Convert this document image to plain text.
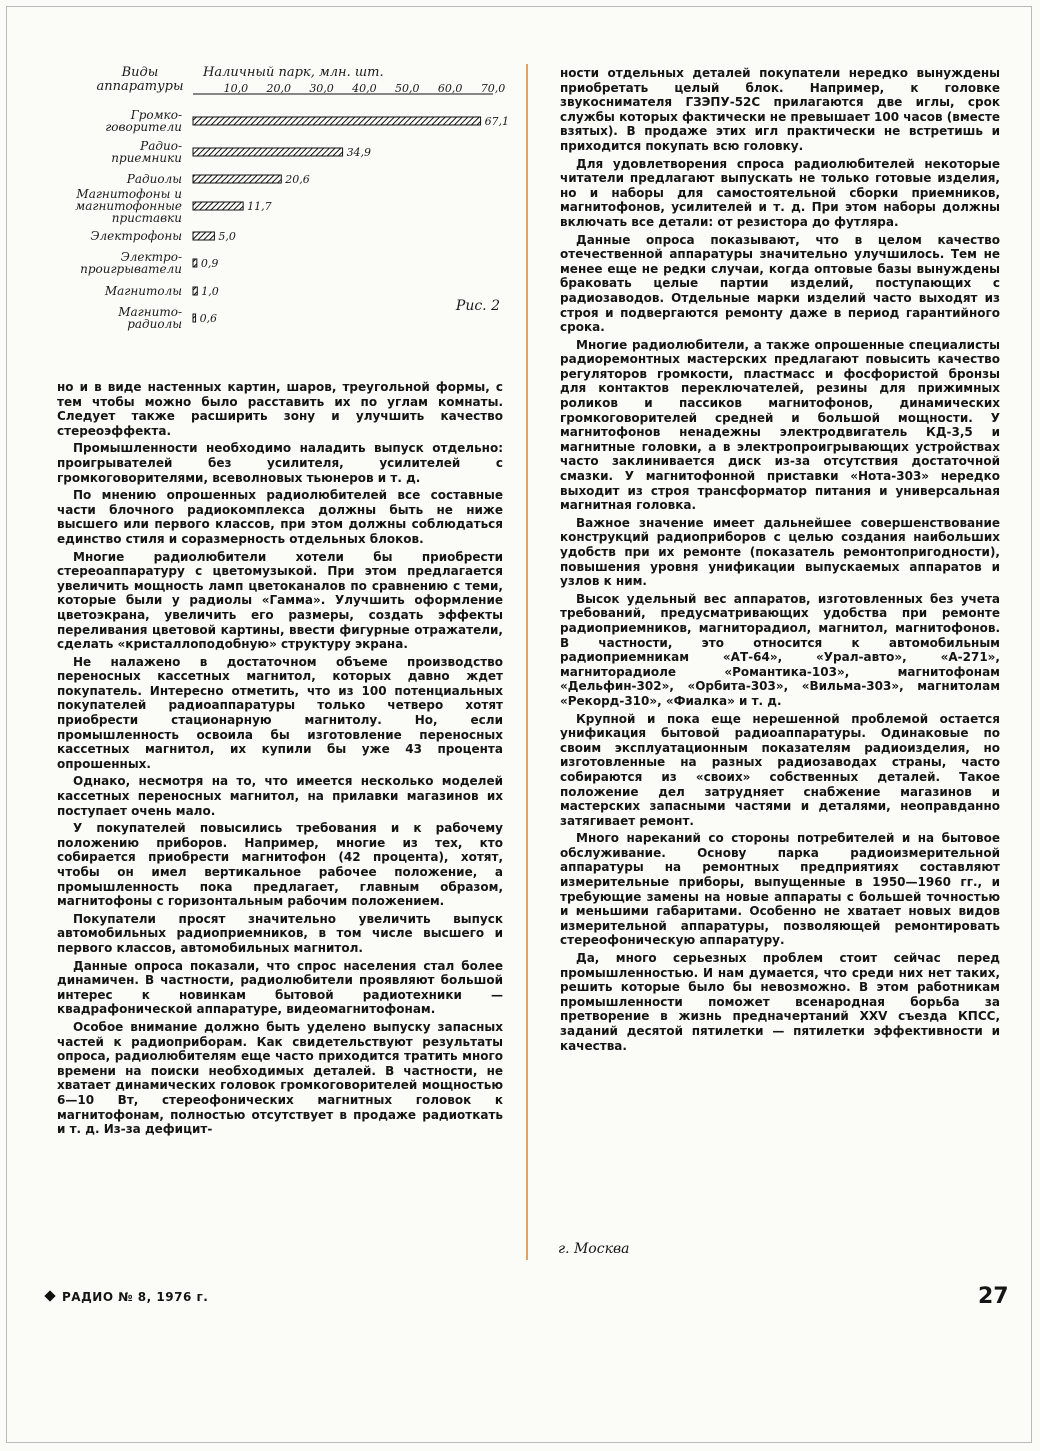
Виды аппаратуры
Наличный парк, млн. шт.
10,0 20,0 30,0 40,0 50,0 60,0 70,0
Громко-говорители
Радио-приемники
Радиолы
Магнитофоны и магнитофонные приставки
Электрофоны
Электро-проигрыватели
Магнитолы
Магнито-радиолы
67,1
34,9
20,6
11,7
5,0
0,9
1,0
0,6
Рис. 2

но и в виде настенных картин, шаров, треугольной формы, с тем чтобы можно было расставить их по углам комнаты. Следует также расширить зону и улучшить качество стереоэффекта.

Промышленности необходимо наладить выпуск отдельно: проигрывателей без усилителя, усилителей с громкоговорителями, всеволновых тьюнеров и т. д.

По мнению опрошенных радиолюбителей все составные части блочного радиокомплекса должны быть не ниже высшего или первого классов, при этом должны соблюдаться единство стиля и соразмерность отдельных блоков.

Многие радиолюбители хотели бы приобрести стереоаппаратуру с цветомузыкой. При этом предлагается увеличить мощность ламп цветоканалов по сравнению с теми, которые были у радиолы «Гамма». Улучшить оформление цветоэкрана, увеличить его размеры, создать эффекты переливания цветовой картины, ввести фигурные отражатели, сделать «кристаллоподобную» структуру экрана.

Не налажено в достаточном объеме производство переносных кассетных магнитол, которых давно ждет покупатель. Интересно отметить, что из 100 потенциальных покупателей радиоаппаратуры только четверо хотят приобрести стационарную магнитолу. Но, если промышленность освоила бы изготовление переносных кассетных магнитол, их купили бы уже 43 процента опрошенных.

Однако, несмотря на то, что имеется несколько моделей кассетных переносных магнитол, на прилавки магазинов их поступает очень мало.

У покупателей повысились требования и к рабочему положению приборов. Например, многие из тех, кто собирается приобрести магнитофон (42 процента), хотят, чтобы он имел вертикальное рабочее положение, а промышленность пока предлагает, главным образом, магнитофоны с горизонтальным рабочим положением.

Покупатели просят значительно увеличить выпуск автомобильных радиоприемников, в том числе высшего и первого классов, автомобильных магнитол.

Данные опроса показали, что спрос населения стал более динамичен. В частности, радиолюбители проявляют большой интерес к новинкам бытовой радиотехники — квадрафонической аппаратуре, видеомагнитофонам.

Особое внимание должно быть уделено выпуску запасных частей к радиоприборам. Как свидетельствуют результаты опроса, радиолюбителям еще часто приходится тратить много времени на поиски необходимых деталей. В частности, не хватает динамических головок громкоговорителей мощностью 6—10 Вт, стереофонических магнитных головок к магнитофонам, полностью отсутствует в продаже радиоткать и т. д. Из-за дефицит-

ности отдельных деталей покупатели нередко вынуждены приобретать целый блок. Например, к головке звукоснимателя ГЗЭПУ-52С прилагаются две иглы, срок службы которых фактически не превышает 100 часов (вместе взятых). В продаже этих игл практически не встретишь и приходится покупать всю головку.

Для удовлетворения спроса радиолюбителей некоторые читатели предлагают выпускать не только готовые изделия, но и наборы для самостоятельной сборки приемников, магнитофонов, усилителей и т. д. При этом наборы должны включать все детали: от резистора до футляра.

Данные опроса показывают, что в целом качество отечественной аппаратуры значительно улучшилось. Тем не менее еще не редки случаи, когда оптовые базы вынуждены браковать целые партии изделий, поступающих с радиозаводов. Отдельные марки изделий часто выходят из строя и подвергаются ремонту даже в период гарантийного срока.

Многие радиолюбители, а также опрошенные специалисты радиоремонтных мастерских предлагают повысить качество регуляторов громкости, пластмасс и фосфористой бронзы для контактов переключателей, резины для прижимных роликов и пассиков магнитофонов, динамических громкоговорителей средней и большой мощности. У магнитофонов ненадежны электродвигатель КД-3,5 и магнитные головки, а в электропроигрывающих устройствах часто заклинивается диск из-за отсутствия достаточной смазки. У магнитофонной приставки «Нота-303» нередко выходит из строя трансформатор питания и универсальная магнитная головка.

Важное значение имеет дальнейшее совершенствование конструкций радиоприборов с целью создания наибольших удобств при их ремонте (показатель ремонтопригодности), повышения уровня унификации выпускаемых аппаратов и узлов к ним.

Высок удельный вес аппаратов, изготовленных без учета требований, предусматривающих удобства при ремонте радиоприемников, магниторадиол, магнитол, магнитофонов. В частности, это относится к автомобильным радиоприемникам «АТ-64», «Урал-авто», «А-271», магниторадиоле «Романтика-103», магнитофонам «Дельфин-302», «Орбита-303», «Вильма-303», магнитолам «Рекорд-310», «Фиалка» и т. д.

Крупной и пока еще нерешенной проблемой остается унификация бытовой радиоаппаратуры. Одинаковые по своим эксплуатационным показателям радиоизделия, но изготовленные на разных радиозаводах страны, часто собираются из «своих» собственных деталей. Такое положение дел затрудняет снабжение магазинов и мастерских запасными частями и деталями, неоправданно затягивает ремонт.

Много нареканий со стороны потребителей и на бытовое обслуживание. Основу парка радиоизмерительной аппаратуры на ремонтных предприятиях составляют измерительные приборы, выпущенные в 1950—1960 гг., и требующие замены на новые аппараты с большей точностью и меньшими габаритами. Особенно не хватает новых видов измерительной аппаратуры, позволяющей ремонтировать стереофоническую аппаратуру.

Да, много серьезных проблем стоит сейчас перед промышленностью. И нам думается, что среди них нет таких, решить которые было бы невозможно. В этом работникам промышленности поможет всенародная борьба за претворение в жизнь предначертаний XXV съезда КПСС, заданий десятой пятилетки — пятилетки эффективности и качества.

г. Москва
РАДИО № 8, 1976 г.	27
